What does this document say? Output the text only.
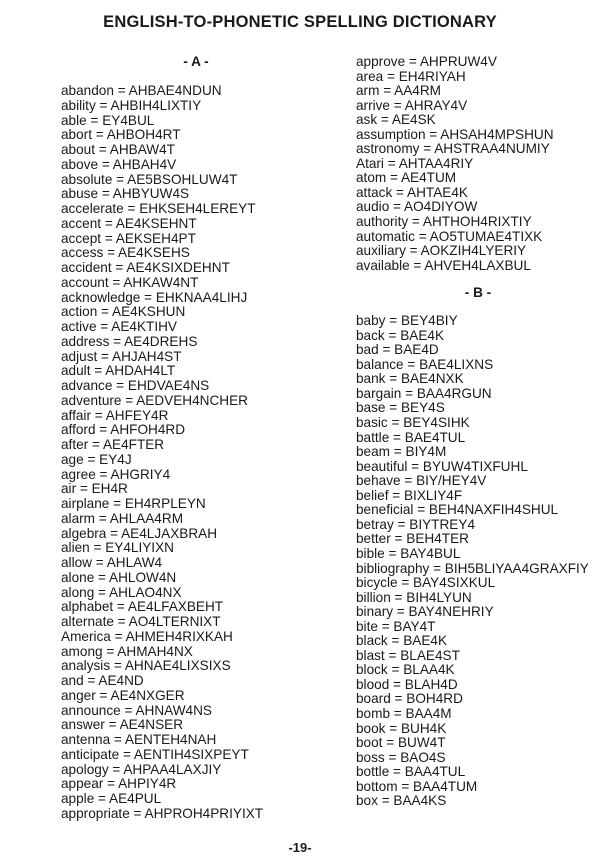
ENGLISH-TO-PHONETIC SPELLING DICTIONARY
- A -
abandon = AHBAE4NDUN
ability = AHBIH4LIXTIY
able = EY4BUL
abort = AHBOH4RT
about = AHBAW4T
above = AHBAH4V
absolute = AE5BSOHLUW4T
abuse = AHBYUW4S
accelerate = EHKSEH4LEREYT
accent = AE4KSEHNT
accept = AEKSEH4PT
access = AE4KSEHS
accident = AE4KSIXDEHNT
account = AHKAW4NT
acknowledge = EHKNAA4LIHJ
action = AE4KSHUN
active = AE4KTIHV
address = AE4DREHS
adjust = AHJAH4ST
adult = AHDAH4LT
advance = EHDVAE4NS
adventure = AEDVEH4NCHER
affair = AHFEY4R
afford = AHFOH4RD
after = AE4FTER
age = EY4J
agree = AHGRIY4
air = EH4R
airplane = EH4RPLEYN
alarm = AHLAA4RM
algebra = AE4LJAXBRAH
alien = EY4LIYIXN
allow = AHLAW4
alone = AHLOW4N
along = AHLAO4NX
alphabet = AE4LFAXBEHT
alternate = AO4LTERNIXT
America = AHMEH4RIXKAH
among = AHMAH4NX
analysis = AHNAE4LIXSIXS
and = AE4ND
anger = AE4NXGER
announce = AHNAW4NS
answer = AE4NSER
antenna = AENTEH4NAH
anticipate = AENTIH4SIXPEYT
apology = AHPAA4LAXJIY
appear = AHPIY4R
apple = AE4PUL
appropriate = AHPROH4PRIYIXT
approve = AHPRUW4V
area = EH4RIYAH
arm = AA4RM
arrive = AHRAY4V
ask = AE4SK
assumption = AHSAH4MPSHUN
astronomy = AHSTRAA4NUMIY
Atari = AHTAA4RIY
atom = AE4TUM
attack = AHTAE4K
audio = AO4DIYOW
authority = AHTHOH4RIXTIY
automatic = AO5TUMAE4TIXK
auxiliary = AOKZIH4LYERIY
available = AHVEH4LAXBUL
- B -
baby = BEY4BIY
back = BAE4K
bad = BAE4D
balance = BAE4LIXNS
bank = BAE4NXK
bargain = BAA4RGUN
base = BEY4S
basic = BEY4SIHK
battle = BAE4TUL
beam = BIY4M
beautiful = BYUW4TIXFUHL
behave = BIY/HEY4V
belief = BIXLIY4F
beneficial = BEH4NAXFIH4SHUL
betray = BIYTREY4
better = BEH4TER
bible = BAY4BUL
bibliography = BIH5BLIYAA4GRAXFIY
bicycle = BAY4SIXKUL
billion = BIH4LYUN
binary = BAY4NEHRIY
bite = BAY4T
black = BAE4K
blast = BLAE4ST
block = BLAA4K
blood = BLAH4D
board = BOH4RD
bomb = BAA4M
book = BUH4K
boot = BUW4T
boss = BAO4S
bottle = BAA4TUL
bottom = BAA4TUM
box = BAA4KS
-19-
